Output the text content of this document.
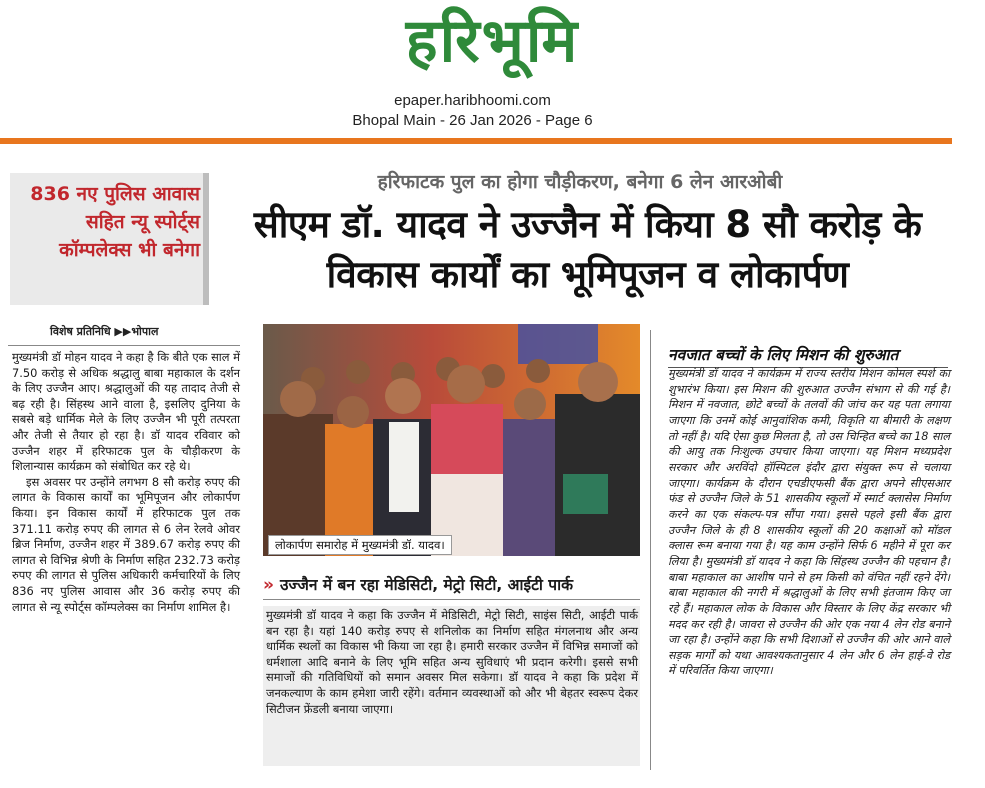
हरिभूमि
epaper.haribhoomi.com
Bhopal Main - 26 Jan 2026 - Page 6
836 नए पुलिस आवास सहित न्यू स्पोर्ट्स कॉम्पलेक्स भी बनेगा
विशेष प्रतिनिधि ▶▶भोपाल

मुख्यमंत्री डॉ मोहन यादव ने कहा है कि बीते एक साल में 7.50 करोड़ से अधिक श्रद्धालु बाबा महाकाल के दर्शन के लिए उज्जैन आए। श्रद्धालुओं की यह तादाद तेजी से बढ़ रही है। सिंहस्थ आने वाला है, इसलिए दुनिया के सबसे बड़े धार्मिक मेले के लिए उज्जैन भी पूरी तत्परता और तेजी से तैयार हो रहा है। डॉ यादव रविवार को उज्जैन शहर में हरिफाटक पुल के चौड़ीकरण के शिलान्यास कार्यक्रम को संबोधित कर रहे थे।

इस अवसर पर उन्होंने लगभग 8 सौ करोड़ रुपए की लागत के विकास कार्यों का भूमिपूजन और लोकार्पण किया। इन विकास कार्यों में हरिफाटक पुल तक 371.11 करोड़ रुपए की लागत से 6 लेन रेलवे ओवर ब्रिज निर्माण, उज्जैन शहर में 389.67 करोड़ रुपए की लागत से विभिन्न श्रेणी के निर्माण सहित 232.73 करोड़ रुपए की लागत से पुलिस अधिकारी कर्मचारियों के लिए 836 नए पुलिस आवास और 36 करोड़ रुपए की लागत से न्यू स्पोर्ट्स कॉम्पलेक्स का निर्माण शामिल है।

हरिफाटक पुल का होगा चौड़ीकरण, बनेगा 6 लेन आरओबी
सीएम डॉ. यादव ने उज्जैन में किया 8 सौ करोड़ के विकास कार्यों का भूमिपूजन व लोकार्पण
लोकार्पण समारोह में मुख्यमंत्री डॉ. यादव।
» उज्जैन में बन रहा मेडिसिटी, मेट्रो सिटी, आईटी पार्क
मुख्यमंत्री डॉ यादव ने कहा कि उज्जैन में मेडिसिटी, मेट्रो सिटी, साइंस सिटी, आईटी पार्क बन रहा है। यहां 140 करोड़ रुपए से शनिलोक का निर्माण सहित मंगलनाथ और अन्य धार्मिक स्थलों का विकास भी किया जा रहा है। हमारी सरकार उज्जैन में विभिन्न समाजों को धर्मशाला आदि बनाने के लिए भूमि सहित अन्य सुविधाएं भी प्रदान करेगी। इससे सभी समाजों की गतिविधियों को समान अवसर मिल सकेगा। डॉ यादव ने कहा कि प्रदेश में जनकल्याण के काम हमेशा जारी रहेंगे। वर्तमान व्यवस्थाओं को और भी बेहतर स्वरूप देकर सिटीजन फ्रेंडली बनाया जाएगा।
नवजात बच्चों के लिए मिशन की शुरुआत
मुख्यमंत्री डॉ यादव ने कार्यक्रम में राज्य स्तरीय मिशन कोमल स्पर्श का शुभारंभ किया। इस मिशन की शुरुआत उज्जैन संभाग से की गई है। मिशन में नवजात, छोटे बच्चों के तलवों की जांच कर यह पता लगाया जाएगा कि उनमें कोई आनुवांशिक कमी, विकृति या बीमारी के लक्षण तो नहीं है। यदि ऐसा कुछ मिलता है, तो उस चिन्हित बच्चे का 18 साल की आयु तक निःशुल्क उपचार किया जाएगा। यह मिशन मध्यप्रदेश सरकार और अरविंदो हॉस्पिटल इंदौर द्वारा संयुक्त रूप से चलाया जाएगा। कार्यक्रम के दौरान एचडीएफसी बैंक द्वारा अपने सीएसआर फंड से उज्जैन जिले के 51 शासकीय स्कूलों में स्मार्ट क्लासेस निर्माण करने का एक संकल्प-पत्र सौंपा गया। इससे पहले इसी बैंक द्वारा उज्जैन जिले के ही 8 शासकीय स्कूलों की 20 कक्षाओं को मॉडल क्लास रूम बनाया गया है। यह काम उन्होंने सिर्फ 6 महीने में पूरा कर लिया है। मुख्यमंत्री डॉ यादव ने कहा कि सिंहस्थ उज्जैन की पहचान है। बाबा महाकाल का आशीष पाने से हम किसी को वंचित नहीं रहने देंगे। बाबा महाकाल की नगरी में श्रद्धालुओं के लिए सभी इंतजाम किए जा रहे हैं। महाकाल लोक के विकास और विस्तार के लिए केंद्र सरकार भी मदद कर रही है। जावरा से उज्जैन की ओर एक नया 4 लेन रोड बनाने जा रहा है। उन्होंने कहा कि सभी दिशाओं से उज्जैन की ओर आने वाले सड़क मार्गों को यथा आवश्यकतानुसार 4 लेन और 6 लेन हाई-वे रोड में परिवर्तित किया जाएगा।
